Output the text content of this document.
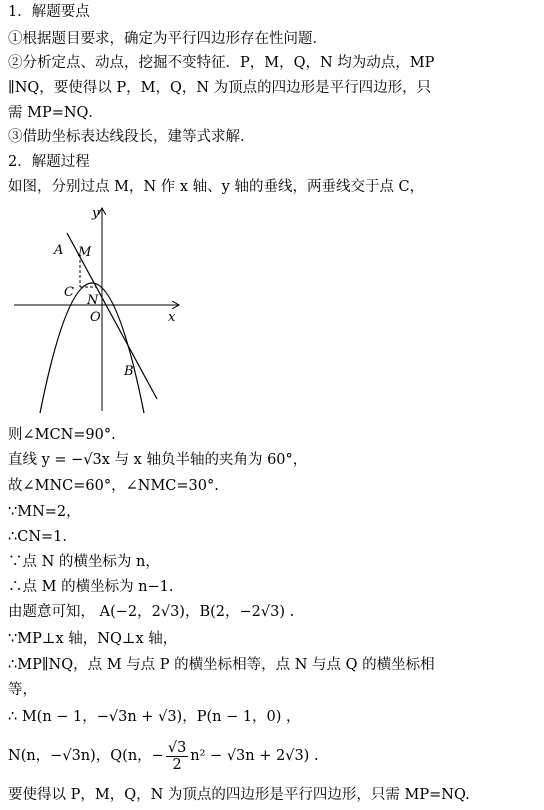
1．解题要点
①根据题目要求，确定为平行四边形存在性问题．
②分析定点、动点，挖掘不变特征．P，M，Q，N 均为动点，MP
∥NQ，要使得以 P，M，Q，N 为顶点的四边形是平行四边形，只
需 MP=NQ．
③借助坐标表达线段长，建等式求解．
2．解题过程
如图，分别过点 M，N 作 x 轴、y 轴的垂线，两垂线交于点 C，
y
x
O
A M
C
N
B
则∠MCN=90°.
直线 y = −√3x 与 x 轴负半轴的夹角为 60°，
故∠MNC=60°，∠NMC=30°.
∵MN=2，
∴CN=1.
∵点 N 的横坐标为 n，
∴点 M 的横坐标为 n−1.
由题意可知， A(−2，2√3)，B(2，−2√3) .
∵MP⊥x 轴，NQ⊥x 轴，
∴MP∥NQ，点 M 与点 P 的横坐标相等，点 N 与点 Q 的横坐标相
等，
∴ M(n − 1，−√3n + √3)，P(n − 1，0) ，
N(n，−√3n)，Q(n，− $\frac{√3}{2} n^2 - √3n + 2√3$) .
要使得以 P，M，Q，N 为顶点的四边形是平行四边形，只需 MP=NQ.
